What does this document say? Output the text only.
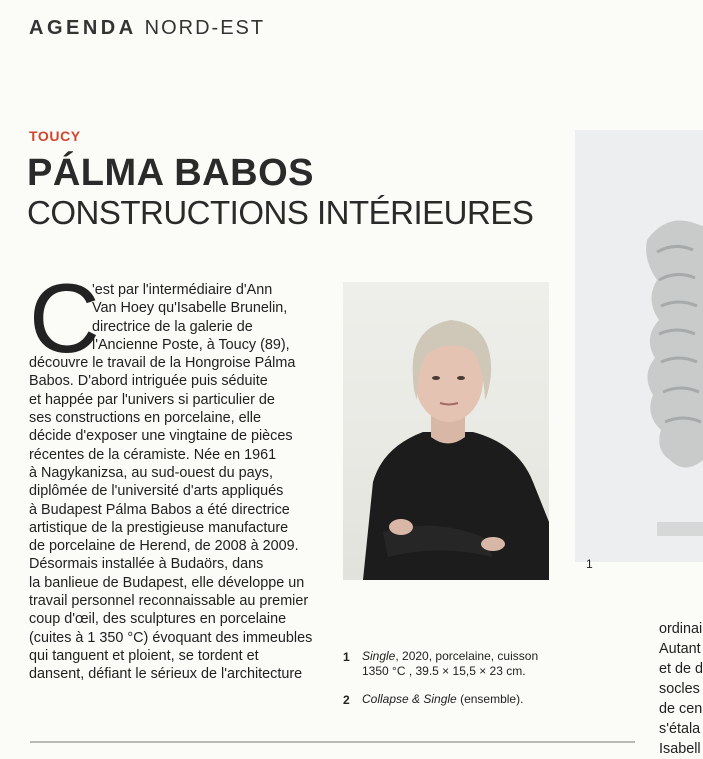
AGENDA NORD-EST
TOUCY
PÁLMA BABOS
CONSTRUCTIONS INTÉRIEURES
C
'est par l'intermédiaire d'Ann
Van Hoey qu'Isabelle Brunelin,
directrice de la galerie de
l'Ancienne Poste, à Toucy (89),
découvre le travail de la Hongroise Pálma
Babos. D'abord intriguée puis séduite
et happée par l'univers si particulier de
ses constructions en porcelaine, elle
décide d'exposer une vingtaine de pièces
récentes de la céramiste. Née en 1961
à Nagykanizsa, au sud-ouest du pays,
diplômée de l'université d'arts appliqués
à Budapest Pálma Babos a été directrice
artistique de la prestigieuse manufacture
de porcelaine de Herend, de 2008 à 2009.
Désormais installée à Budaörs, dans
la banlieue de Budapest, elle développe un
travail personnel reconnaissable au premier
coup d'œil, des sculptures en porcelaine
(cuites à 1 350 °C) évoquant des immeubles
qui tanguent et ploient, se tordent et
dansent, défiant le sérieux de l'architecture
1 Single, 2020, porcelaine, cuisson
1350 °C , 39.5 × 15,5 × 23 cm.
2 Collapse & Single (ensemble).
1
ordinai
Autant
et de d
socles
de cen
s'étala
Isabell
